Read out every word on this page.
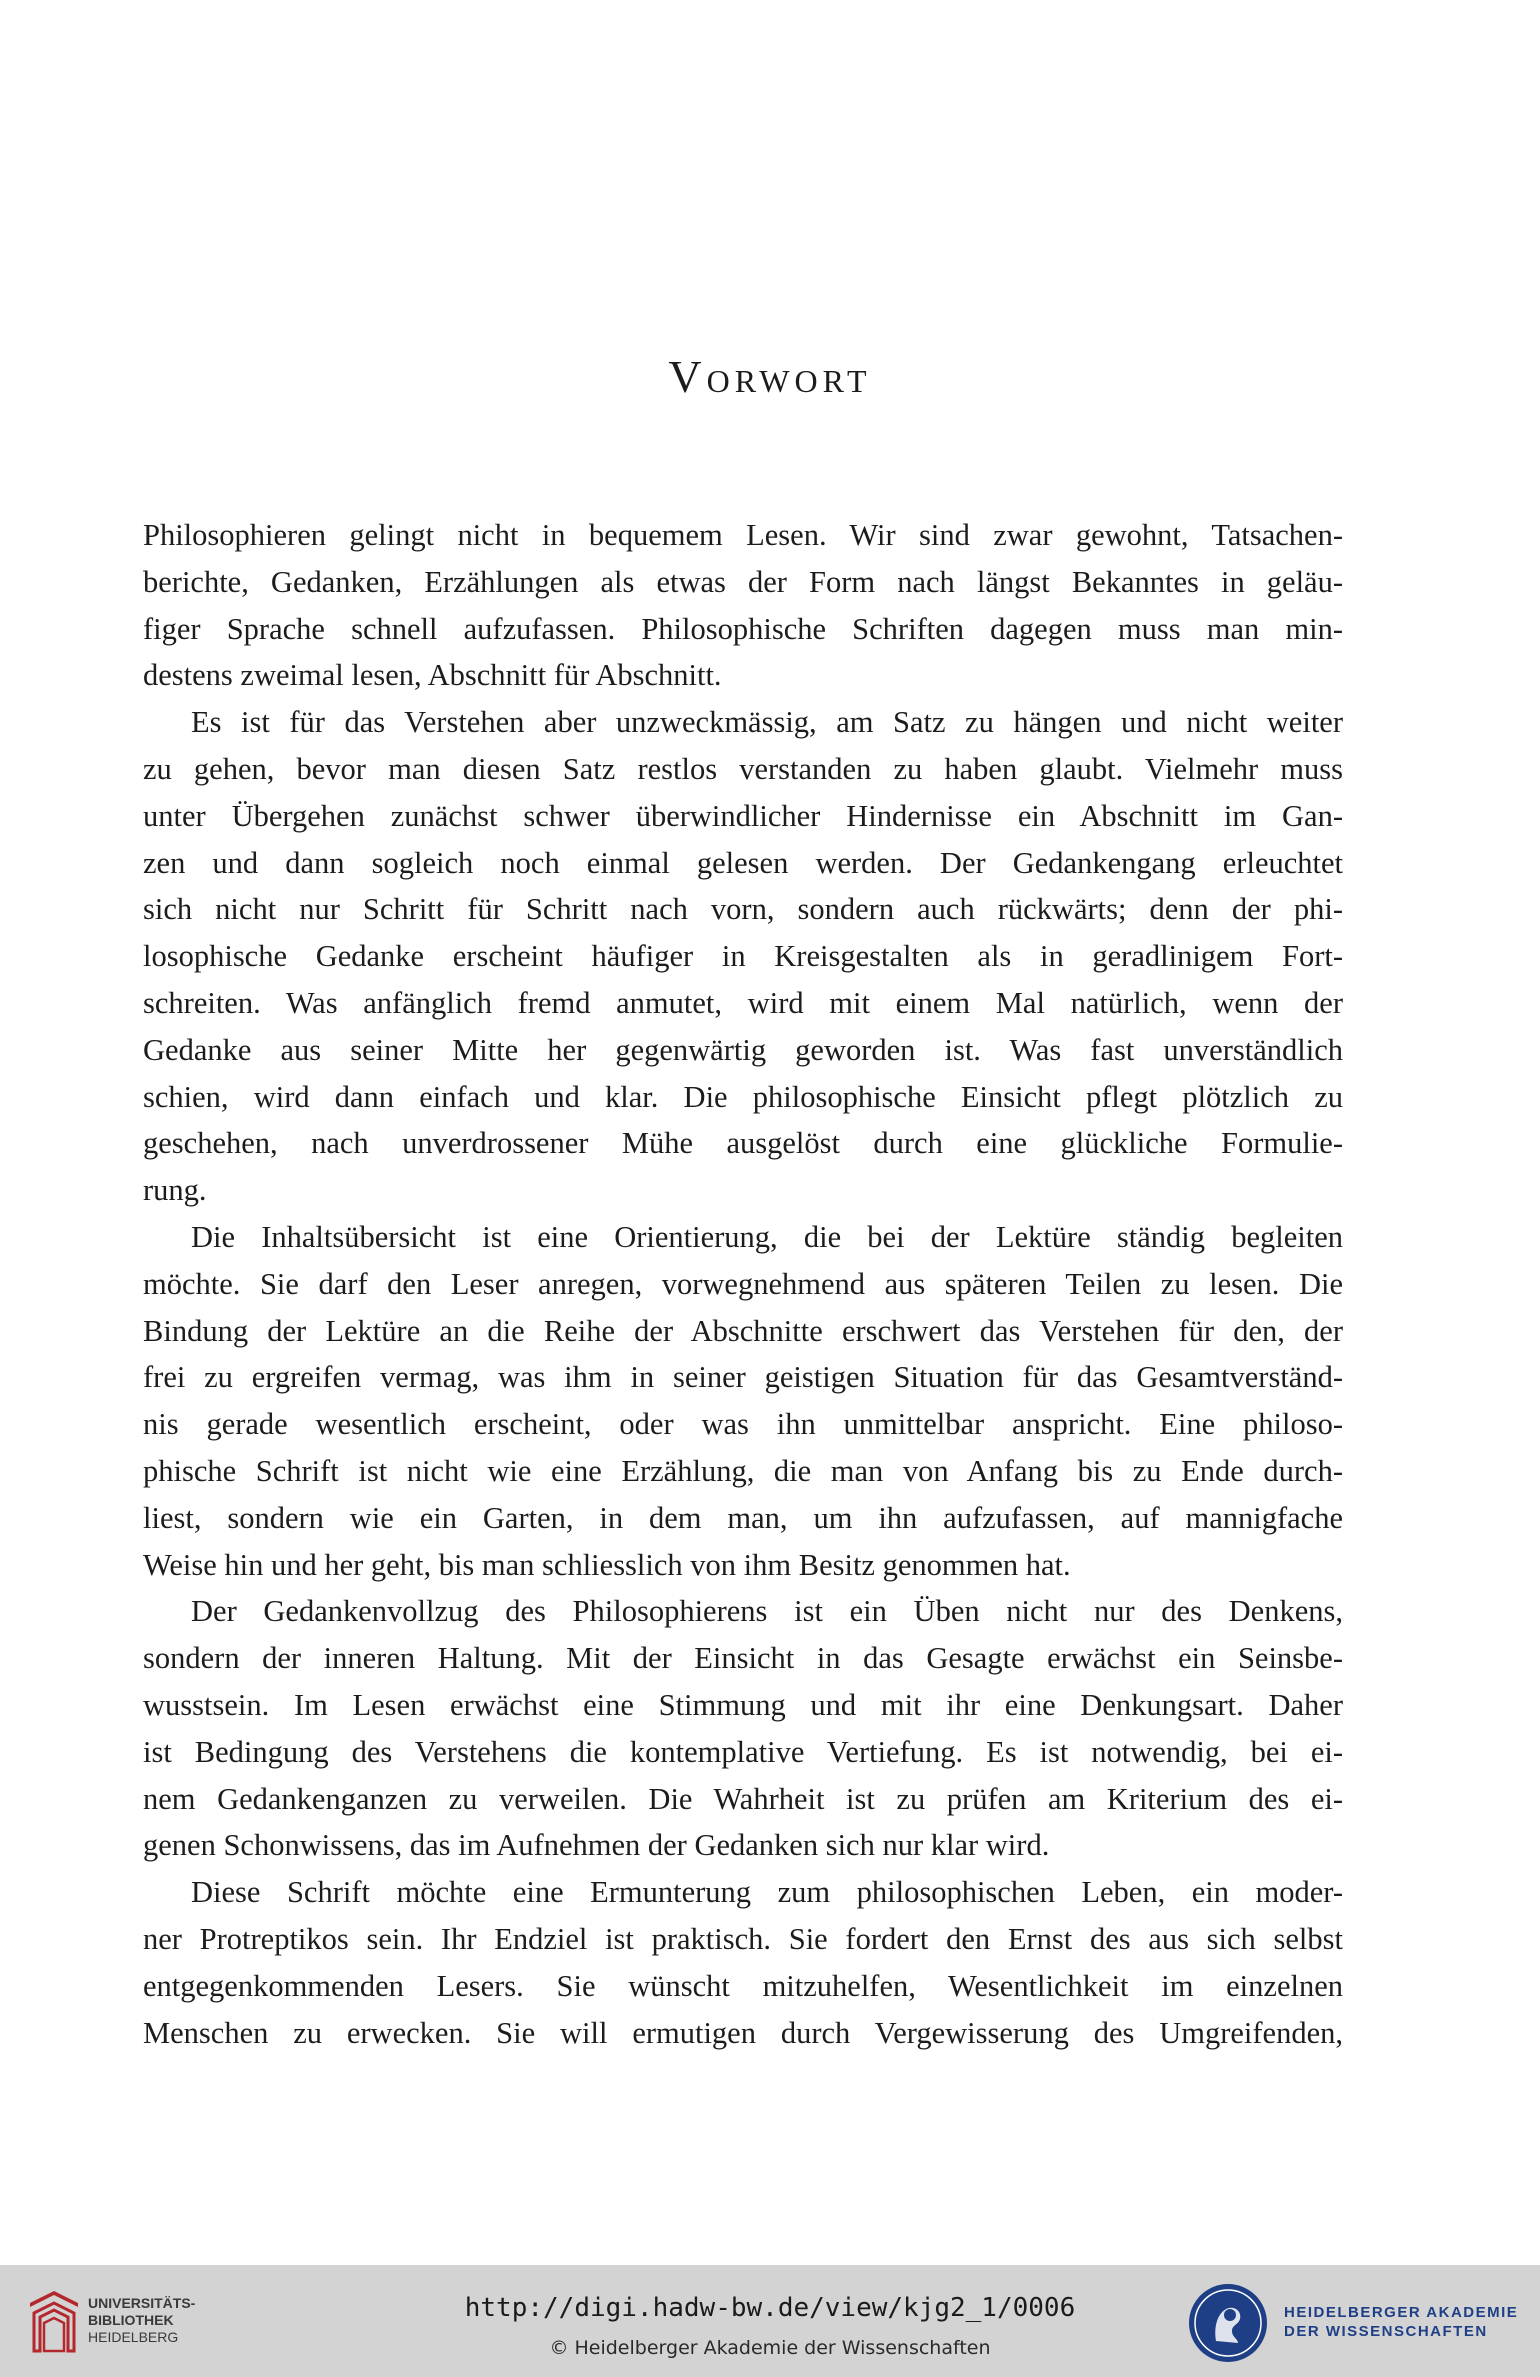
Vorwort

Philosophieren gelingt nicht in bequemem Lesen. Wir sind zwar gewohnt, Tatsachen-
berichte, Gedanken, Erzählungen als etwas der Form nach längst Bekanntes in geläu-
figer Sprache schnell aufzufassen. Philosophische Schriften dagegen muss man min-
destens zweimal lesen, Abschnitt für Abschnitt.

Es ist für das Verstehen aber unzweckmässig, am Satz zu hängen und nicht weiter
zu gehen, bevor man diesen Satz restlos verstanden zu haben glaubt. Vielmehr muss
unter Übergehen zunächst schwer überwindlicher Hindernisse ein Abschnitt im Gan-
zen und dann sogleich noch einmal gelesen werden. Der Gedankengang erleuchtet
sich nicht nur Schritt für Schritt nach vorn, sondern auch rückwärts; denn der phi-
losophische Gedanke erscheint häufiger in Kreisgestalten als in geradlinigem Fort-
schreiten. Was anfänglich fremd anmutet, wird mit einem Mal natürlich, wenn der
Gedanke aus seiner Mitte her gegenwärtig geworden ist. Was fast unverständlich
schien, wird dann einfach und klar. Die philosophische Einsicht pflegt plötzlich zu
geschehen, nach unverdrossener Mühe ausgelöst durch eine glückliche Formulie-
rung.

Die Inhaltsübersicht ist eine Orientierung, die bei der Lektüre ständig begleiten
möchte. Sie darf den Leser anregen, vorwegnehmend aus späteren Teilen zu lesen. Die
Bindung der Lektüre an die Reihe der Abschnitte erschwert das Verstehen für den, der
frei zu ergreifen vermag, was ihm in seiner geistigen Situation für das Gesamtverständ-
nis gerade wesentlich erscheint, oder was ihn unmittelbar anspricht. Eine philoso-
phische Schrift ist nicht wie eine Erzählung, die man von Anfang bis zu Ende durch-
liest, sondern wie ein Garten, in dem man, um ihn aufzufassen, auf mannigfache
Weise hin und her geht, bis man schliesslich von ihm Besitz genommen hat.

Der Gedankenvollzug des Philosophierens ist ein Üben nicht nur des Denkens,
sondern der inneren Haltung. Mit der Einsicht in das Gesagte erwächst ein Seinsbe-
wusstsein. Im Lesen erwächst eine Stimmung und mit ihr eine Denkungsart. Daher
ist Bedingung des Verstehens die kontemplative Vertiefung. Es ist notwendig, bei ei-
nem Gedankenganzen zu verweilen. Die Wahrheit ist zu prüfen am Kriterium des ei-
genen Schonwissens, das im Aufnehmen der Gedanken sich nur klar wird.

Diese Schrift möchte eine Ermunterung zum philosophischen Leben, ein moder-
ner Protreptikos sein. Ihr Endziel ist praktisch. Sie fordert den Ernst des aus sich selbst
entgegenkommenden Lesers. Sie wünscht mitzuhelfen, Wesentlichkeit im einzelnen
Menschen zu erwecken. Sie will ermutigen durch Vergewisserung des Umgreifenden,

UNIVERSITÄTS-
BIBLIOTHEK
HEIDELBERG
http://digi.hadw-bw.de/view/kjg2_1/0006
© Heidelberger Akademie der Wissenschaften
HEIDELBERGER AKADEMIE
DER WISSENSCHAFTEN
